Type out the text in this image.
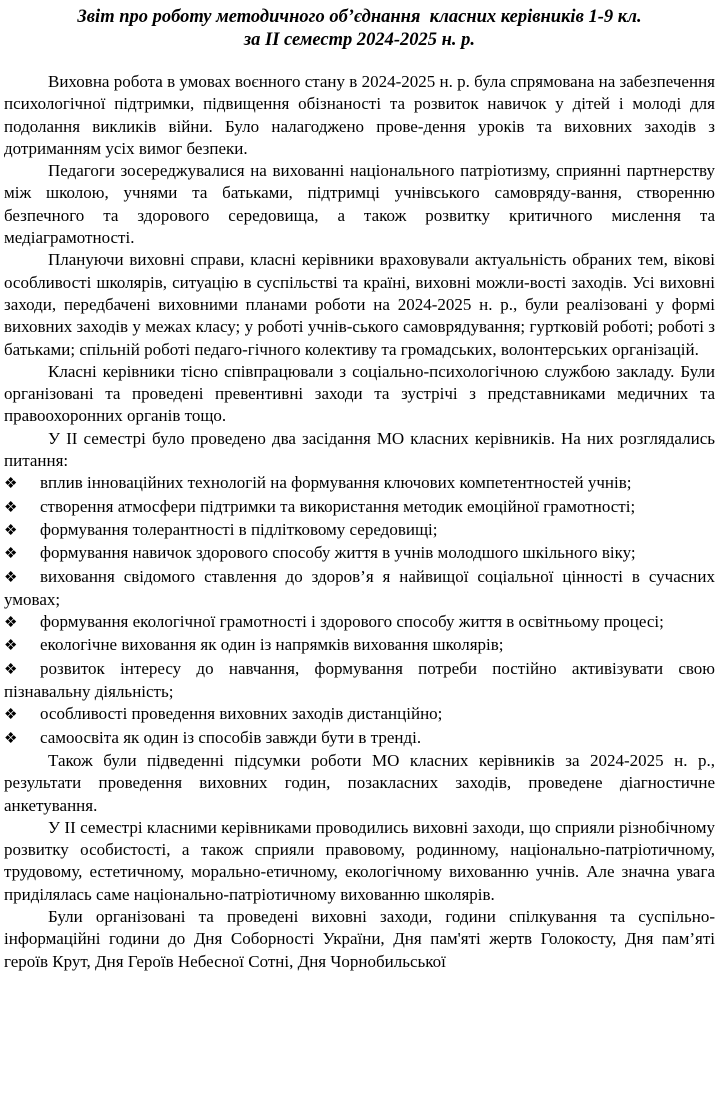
Звіт про роботу методичного об’єднання  класних керівників 1-9 кл.
за ІІ семестр 2024-2025 н. р.

Виховна робота в умовах воєнного стану в 2024-2025 н. р. була спрямована на забезпечення психологічної підтримки, підвищення обізнаності та розвиток навичок у дітей і молоді для подолання викликів війни. Було налагоджено прове-дення уроків та виховних заходів з дотриманням усіх вимог безпеки.

Педагоги зосереджувалися на вихованні національного патріотизму, сприянні партнерству між школою, учнями та батьками, підтримці учнівського самовряду-вання, створенню безпечного та здорового середовища, а також розвитку критичного мислення та медіаграмотності.

Плануючи виховні справи, класні керівники враховували актуальність обраних тем, вікові особливості школярів, ситуацію в суспільстві та країні, виховні можли-вості заходів. Усі виховні заходи, передбачені виховними планами роботи на 2024-2025 н. р., були реалізовані у формі виховних заходів у межах класу; у роботі учнів-ського самоврядування; гуртковій роботі; роботі з батьками; спільній роботі педаго-гічного колективу та громадських, волонтерських організацій.

Класні керівники тісно співпрацювали з соціально-психологічною службою закладу. Були організовані та проведені превентивні заходи та зустрічі з представниками медичних та правоохоронних органів тощо.

У ІІ семестрі було проведено два засідання МО класних керівників. На них розглядались питання:

❖ вплив інноваційних технологій на формування ключових компетентностей учнів;

❖ створення атмосфери підтримки та використання методик емоційної грамотності;

❖ формування толерантності в підлітковому середовищі;

❖ формування навичок здорового способу життя в учнів молодшого шкільного віку;

❖ виховання свідомого ставлення до здоров’я я найвищої соціальної цінності в сучасних умовах;

❖ формування екологічної грамотності і здорового способу життя в освітньому процесі;

❖ екологічне виховання як один із напрямків виховання школярів;

❖ розвиток інтересу до навчання, формування потреби постійно активізувати свою пізнавальну діяльність;

❖ особливості проведення виховних заходів дистанційно;

❖ самоосвіта як один із способів завжди бути в тренді.

Також були підведенні підсумки роботи МО класних керівників за 2024-2025 н. р., результати проведення виховних годин, позакласних заходів, проведене діагностичне анкетування.

У ІІ семестрі класними керівниками проводились виховні заходи, що сприяли різнобічному розвитку особистості, а також сприяли правовому, родинному, національно-патріотичному, трудовому, естетичному, морально-етичному, екологічному вихованню учнів. Але значна увага приділялась саме національно-патріотичному вихованню школярів.

Були організовані та проведені виховні заходи, години спілкування та суспільно-інформаційні години до Дня Соборності України, Дня пам'яті жертв Голокосту, Дня пам’яті героїв Крут, Дня Героїв Небесної Сотні, Дня Чорнобильської
